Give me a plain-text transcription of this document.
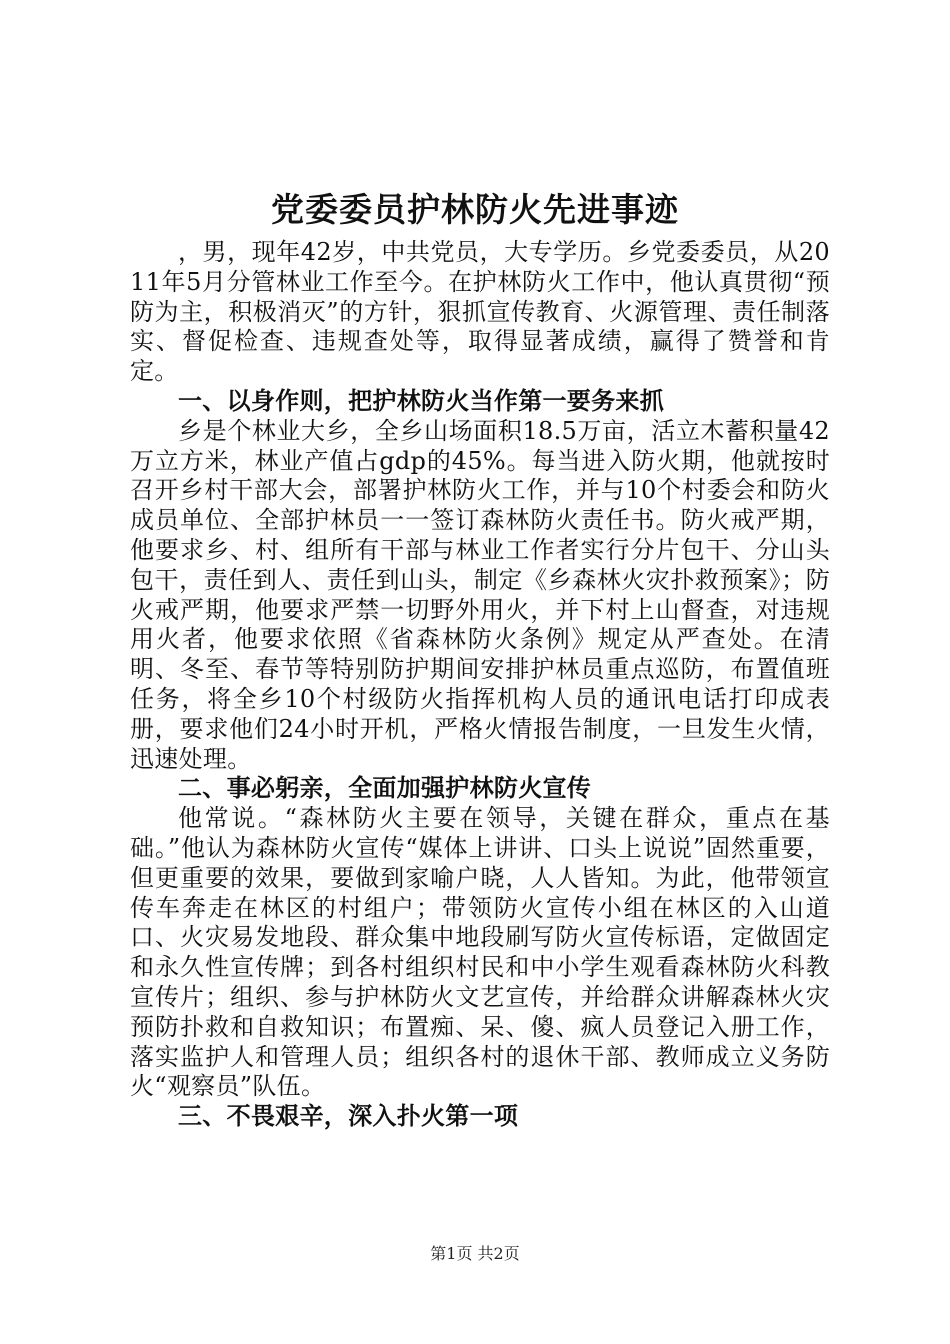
党委委员护林防火先进事迹

，男，现年42岁，中共党员，大专学历。乡党委委员，从2011年5月分管林业工作至今。在护林防火工作中，他认真贯彻“预防为主，积极消灭”的方针，狠抓宣传教育、火源管理、责任制落实、督促检查、违规查处等，取得显著成绩，赢得了赞誉和肯定。

一、以身作则，把护林防火当作第一要务来抓

乡是个林业大乡，全乡山场面积18.5万亩，活立木蓄积量42万立方米，林业产值占gdp的45%。每当进入防火期，他就按时召开乡村干部大会，部署护林防火工作，并与10个村委会和防火成员单位、全部护林员一一签订森林防火责任书。防火戒严期，他要求乡、村、组所有干部与林业工作者实行分片包干、分山头包干，责任到人、责任到山头，制定《乡森林火灾扑救预案》；防火戒严期，他要求严禁一切野外用火，并下村上山督查，对违规用火者，他要求依照《省森林防火条例》规定从严查处。在清明、冬至、春节等特别防护期间安排护林员重点巡防，布置值班任务，将全乡10个村级防火指挥机构人员的通讯电话打印成表册，要求他们24小时开机，严格火情报告制度，一旦发生火情，迅速处理。

二、事必躬亲，全面加强护林防火宣传

他常说。“森林防火主要在领导，关键在群众，重点在基础。”他认为森林防火宣传“媒体上讲讲、口头上说说”固然重要，但更重要的效果，要做到家喻户晓，人人皆知。为此，他带领宣传车奔走在林区的村组户；带领防火宣传小组在林区的入山道口、火灾易发地段、群众集中地段刷写防火宣传标语，定做固定和永久性宣传牌；到各村组织村民和中小学生观看森林防火科教宣传片；组织、参与护林防火文艺宣传，并给群众讲解森林火灾预防扑救和自救知识；布置痴、呆、傻、疯人员登记入册工作，落实监护人和管理人员；组织各村的退休干部、教师成立义务防火“观察员”队伍。

三、不畏艰辛，深入扑火第一项

第1页 共2页
